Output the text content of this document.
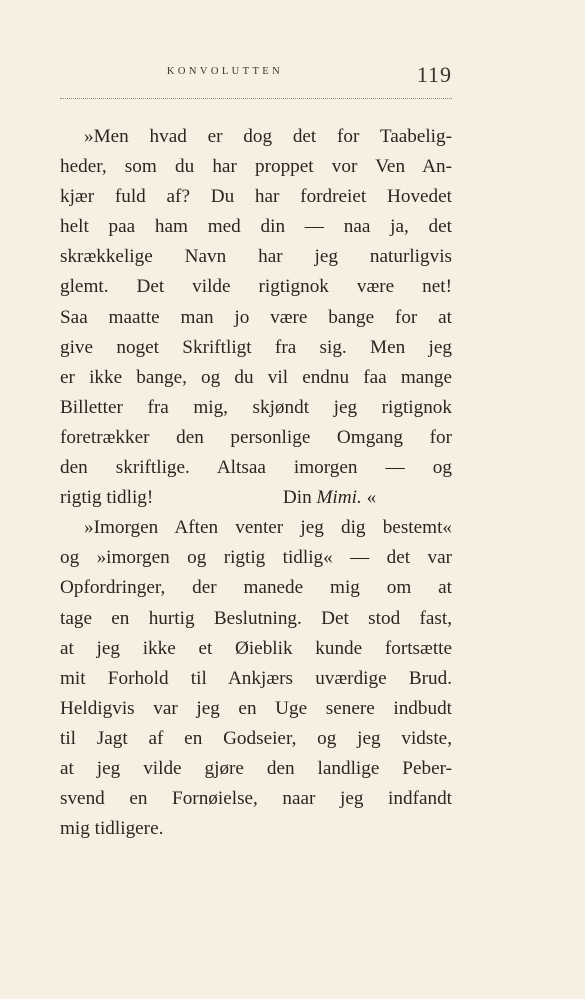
KONVOLUTTEN	119
»Men hvad er dog det for Taabelig-
heder, som du har proppet vor Ven An-
kjær fuld af? Du har fordreiet Hovedet
helt paa ham med din — naa ja, det
skrækkelige Navn har jeg naturligvis
glemt. Det vilde rigtignok være net!
Saa maatte man jo være bange for at
give noget Skriftligt fra sig. Men jeg
er ikke bange, og du vil endnu faa mange
Billetter fra mig, skjøndt jeg rigtignok
foretrækker den personlige Omgang for
den skriftlige. Altsaa imorgen — og
rigtig tidlig!	Din Mimi. «
»Imorgen Aften venter jeg dig bestemt«
og »imorgen og rigtig tidlig« — det var
Opfordringer, der manede mig om at
tage en hurtig Beslutning. Det stod fast,
at jeg ikke et Øieblik kunde fortsætte
mit Forhold til Ankjærs uværdige Brud.
Heldigvis var jeg en Uge senere indbudt
til Jagt af en Godseier, og jeg vidste,
at jeg vilde gjøre den landlige Peber-
svend en Fornøielse, naar jeg indfandt
mig tidligere.
